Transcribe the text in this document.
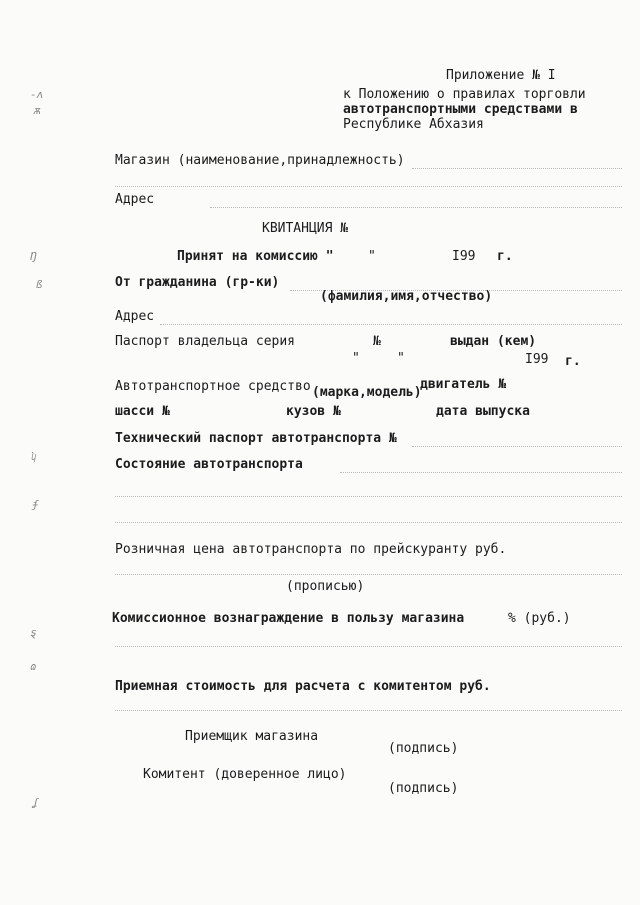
-ʌ
ѫ
Ŋ
ß
ʮ
ʄ
ȿ
ɷ
ʆ
Приложение № I
к Положению о правилах торговли
автотранспортными средствами в
Республике Абхазия
Магазин (наименование,принадлежность)
Адрес
КВИТАНЦИЯ №
Принят на комиссию "	"	I99 г.
От гражданина (гр-ки)
(фамилия,имя,отчество)
Адрес
Паспорт владельца серия	№	выдан (кем)
"	"	I99 г.
Автотранспортное средство (марка,модель)
двигатель №
шасси №	кузов №	дата выпуска
Технический паспорт автотранспорта №
Состояние автотранспорта
Розничная цена автотранспорта по прейскуранту руб.
(прописью)
Комиссионное вознаграждение в пользу магазина	% (руб.)
Приемная стоимость для расчета с комитентом руб.
Приемщик магазина
(подпись)
Комитент (доверенное лицо)
(подпись)
